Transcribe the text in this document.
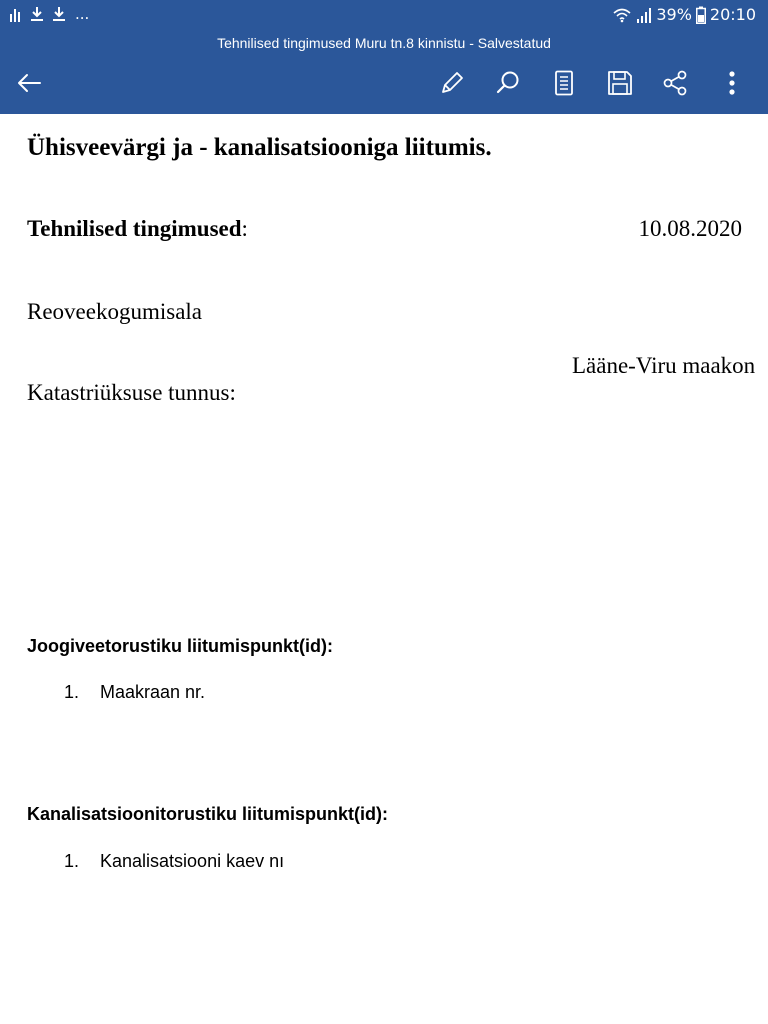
...	39% 20:10
Tehnilised tingimused Muru tn.8 kinnistu - Salvestatud
Ühisveevärgi ja - kanalisatsiooniga liitumis.
Tehnilised tingimused:	10.08.2020
Reoveekogumisala
Lääne-Viru maakon
Katastriüksuse tunnus:
Joogiveetorustiku liitumispunkt(id):
1. Maakraan nr.
Kanalisatsioonitorustiku liitumispunkt(id):
1. Kanalisatsiooni kaev nı
